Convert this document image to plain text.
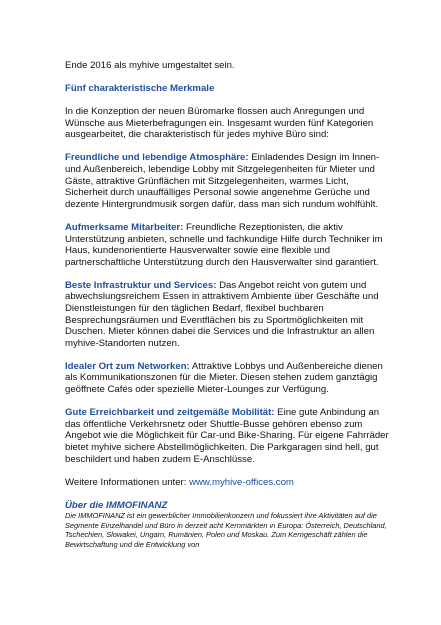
Ende 2016 als myhive umgestaltet sein.

Fünf charakteristische Merkmale

In die Konzeption der neuen Büromarke flossen auch Anregungen und Wünsche aus Mieterbefragungen ein. Insgesamt wurden fünf Kategorien ausgearbeitet, die charakteristisch für jedes myhive Büro sind:

Freundliche und lebendige Atmosphäre: Einladendes Design im Innen- und Außenbereich, lebendige Lobby mit Sitzgelegenheiten für Mieter und Gäste, attraktive Grünflächen mit Sitzgelegenheiten, warmes Licht, Sicherheit durch unauffälliges Personal sowie angenehme Gerüche und dezente Hintergrundmusik sorgen dafür, dass man sich rundum wohlfühlt.

Aufmerksame Mitarbeiter: Freundliche Rezeptionisten, die aktiv Unterstützung anbieten, schnelle und fachkundige Hilfe durch Techniker im Haus, kundenorientierte Hausverwalter sowie eine flexible und partnerschaftliche Unterstützung durch den Hausverwalter sind garantiert.

Beste Infrastruktur und Services: Das Angebot reicht von gutem und abwechslungsreichem Essen in attraktivem Ambiente über Geschäfte und Dienstleistungen für den täglichen Bedarf, flexibel buchbaren Besprechungsräumen und Eventflächen bis zu Sportmöglichkeiten mit Duschen. Mieter können dabei die Services und die Infrastruktur an allen myhive-Standorten nutzen.

Idealer Ort zum Networken: Attraktive Lobbys und Außenbereiche dienen als Kommunikationszonen für die Mieter. Diesen stehen zudem ganztägig geöffnete Cafés oder spezielle Mieter-Lounges zur Verfügung.

Gute Erreichbarkeit und zeitgemäße Mobilität: Eine gute Anbindung an das öffentliche Verkehrsnetz oder Shuttle-Busse gehören ebenso zum Angebot wie die Möglichkeit für Car-und Bike-Sharing. Für eigene Fahrräder bietet myhive sichere Abstellmöglichkeiten. Die Parkgaragen sind hell, gut beschildert und haben zudem E-Anschlüsse.

Weitere Informationen unter: www.myhive-offices.com

Über die IMMOFINANZ

Die IMMOFINANZ ist ein gewerblicher Immobilienkonzern und fokussiert ihre Aktivitäten auf die Segmente Einzelhandel und Büro in derzeit acht Kernmärkten in Europa: Österreich, Deutschland, Tschechien, Slowakei, Ungarn, Rumänien, Polen und Moskau. Zum Kerngeschäft zählen die Bewirtschaftung und die Entwicklung von
